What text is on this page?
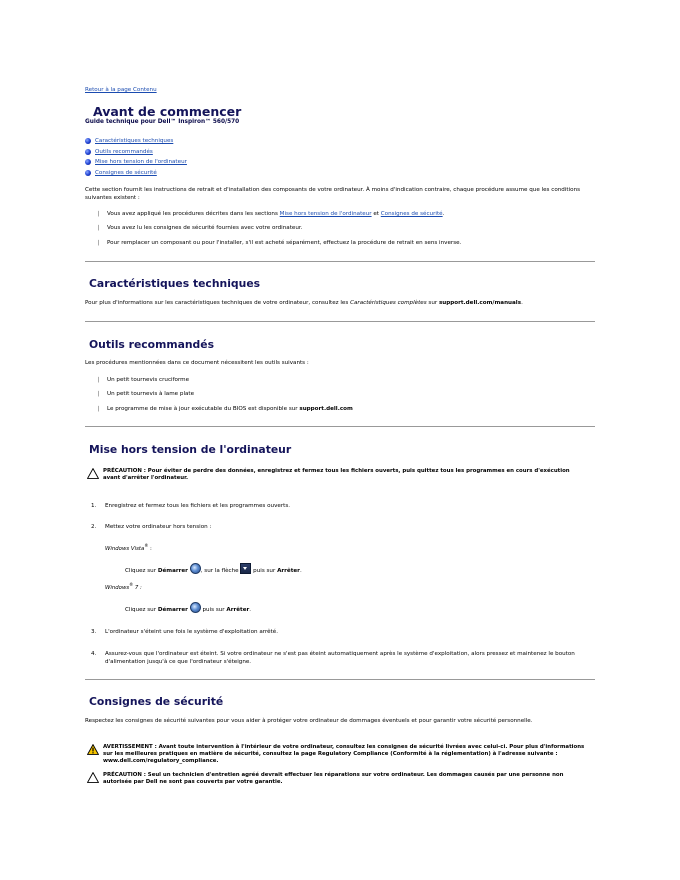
Retour à la page Contenu
Avant de commencer
Guide technique pour Dell™ Inspiron™ 560/570
Caractéristiques techniques
Outils recommandés
Mise hors tension de l'ordinateur
Consignes de sécurité
Cette section fournit les instructions de retrait et d'installation des composants de votre ordinateur. À moins d'indication contraire, chaque procédure assume que les conditions suivantes existent :
❘ Vous avez appliqué les procédures décrites dans les sections Mise hors tension de l'ordinateur et Consignes de sécurité.
❘ Vous avez lu les consignes de sécurité fournies avec votre ordinateur.
❘ Pour remplacer un composant ou pour l'installer, s'il est acheté séparément, effectuez la procédure de retrait en sens inverse.
Caractéristiques techniques
Pour plus d'informations sur les caractéristiques techniques de votre ordinateur, consultez les Caractéristiques complètes sur support.dell.com/manuals.
Outils recommandés
Les procédures mentionnées dans ce document nécessitent les outils suivants :
❘ Un petit tournevis cruciforme
❘ Un petit tournevis à lame plate
❘ Le programme de mise à jour exécutable du BIOS est disponible sur support.dell.com
Mise hors tension de l'ordinateur
PRÉCAUTION : Pour éviter de perdre des données, enregistrez et fermez tous les fichiers ouverts, puis quittez tous les programmes en cours d'exécution avant d'arrêter l'ordinateur.
1. Enregistrez et fermez tous les fichiers et les programmes ouverts.
2. Mettez votre ordinateur hors tension :
Windows Vista® :
Cliquez sur Démarrer , sur la flèche  puis sur Arrêter.
Windows® 7 :
Cliquez sur Démarrer  puis sur Arrêter.
3. L'ordinateur s'éteint une fois le système d'exploitation arrêté.
4. Assurez-vous que l'ordinateur est éteint. Si votre ordinateur ne s'est pas éteint automatiquement après le système d'exploitation, alors pressez et maintenez le bouton d'alimentation jusqu'à ce que l'ordinateur s'éteigne.
Consignes de sécurité
Respectez les consignes de sécurité suivantes pour vous aider à protéger votre ordinateur de dommages éventuels et pour garantir votre sécurité personnelle.
AVERTISSEMENT : Avant toute intervention à l'intérieur de votre ordinateur, consultez les consignes de sécurité livrées avec celui-ci. Pour plus d'informations sur les meilleures pratiques en matière de sécurité, consultez la page Regulatory Compliance (Conformité à la réglementation) à l'adresse suivante : www.dell.com/regulatory_compliance.
PRÉCAUTION : Seul un technicien d'entretien agréé devrait effectuer les réparations sur votre ordinateur. Les dommages causés par une personne non autorisée par Dell ne sont pas couverts par votre garantie.
